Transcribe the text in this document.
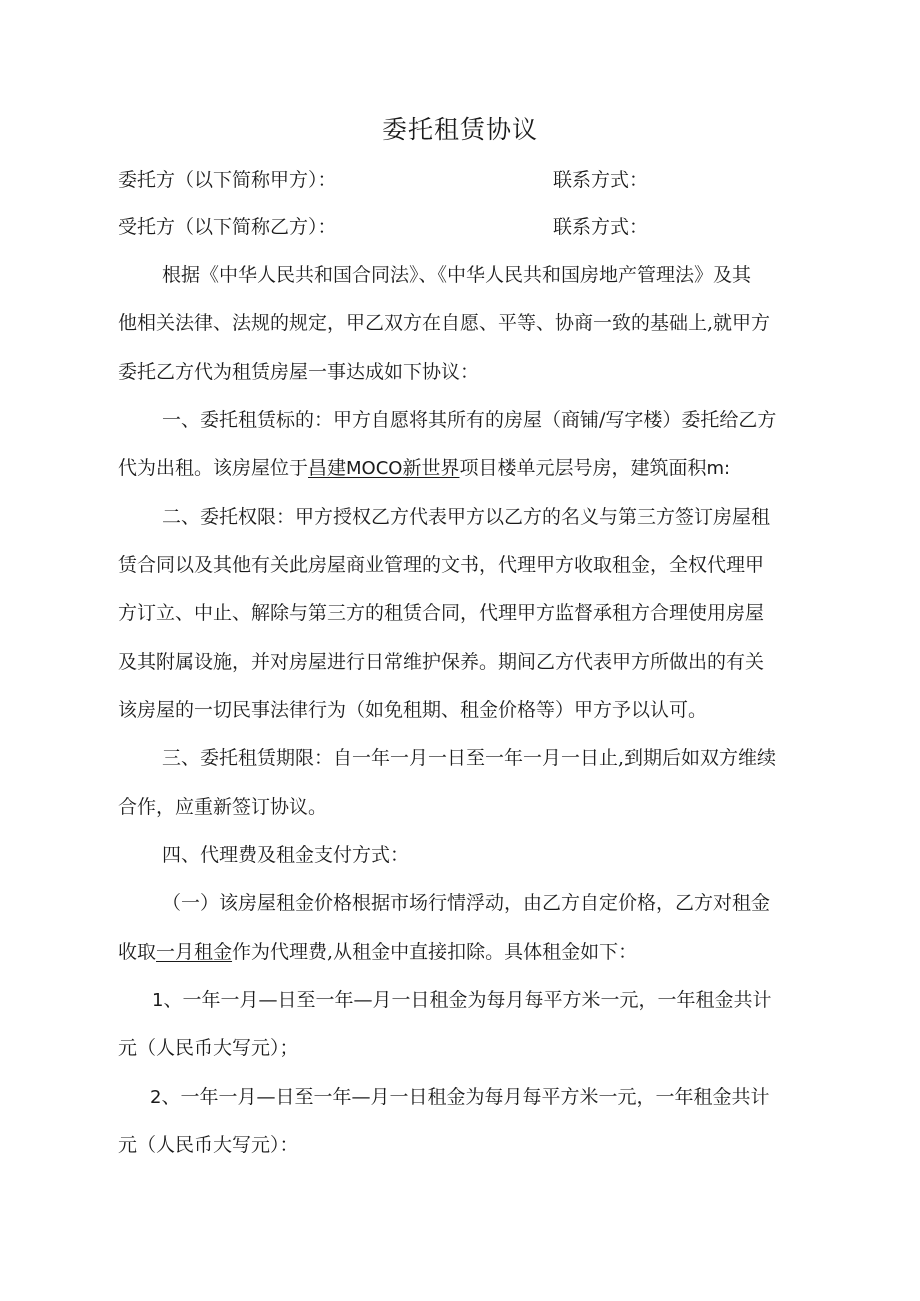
委托租赁协议
委托方（以下简称甲方）：	联系方式：
受托方（以下简称乙方）：	联系方式：
根据《中华人民共和国合同法》、《中华人民共和国房地产管理法》及其
他相关法律、法规的规定，甲乙双方在自愿、平等、协商一致的基础上,就甲方
委托乙方代为租赁房屋一事达成如下协议：
一、委托租赁标的：甲方自愿将其所有的房屋（商铺/写字楼）委托给乙方
代为出租。该房屋位于昌建MOCO新世界项目楼单元层号房，建筑面积m:
二、委托权限：甲方授权乙方代表甲方以乙方的名义与第三方签订房屋租
赁合同以及其他有关此房屋商业管理的文书，代理甲方收取租金，全权代理甲
方订立、中止、解除与第三方的租赁合同，代理甲方监督承租方合理使用房屋
及其附属设施，并对房屋进行日常维护保养。期间乙方代表甲方所做出的有关
该房屋的一切民事法律行为（如免租期、租金价格等）甲方予以认可。
三、委托租赁期限：自一年一月一日至一年一月一日止,到期后如双方维续
合作，应重新签订协议。
四、代理费及租金支付方式：
（一）该房屋租金价格根据市场行情浮动，由乙方自定价格，乙方对租金
收取一月租金作为代理费,从租金中直接扣除。具体租金如下：
1、一年一月—日至一年—月一日租金为每月每平方米一元，一年租金共计
元（人民币大写元）；
2、一年一月—日至一年—月一日租金为每月每平方米一元，一年租金共计
元（人民币大写元）：
